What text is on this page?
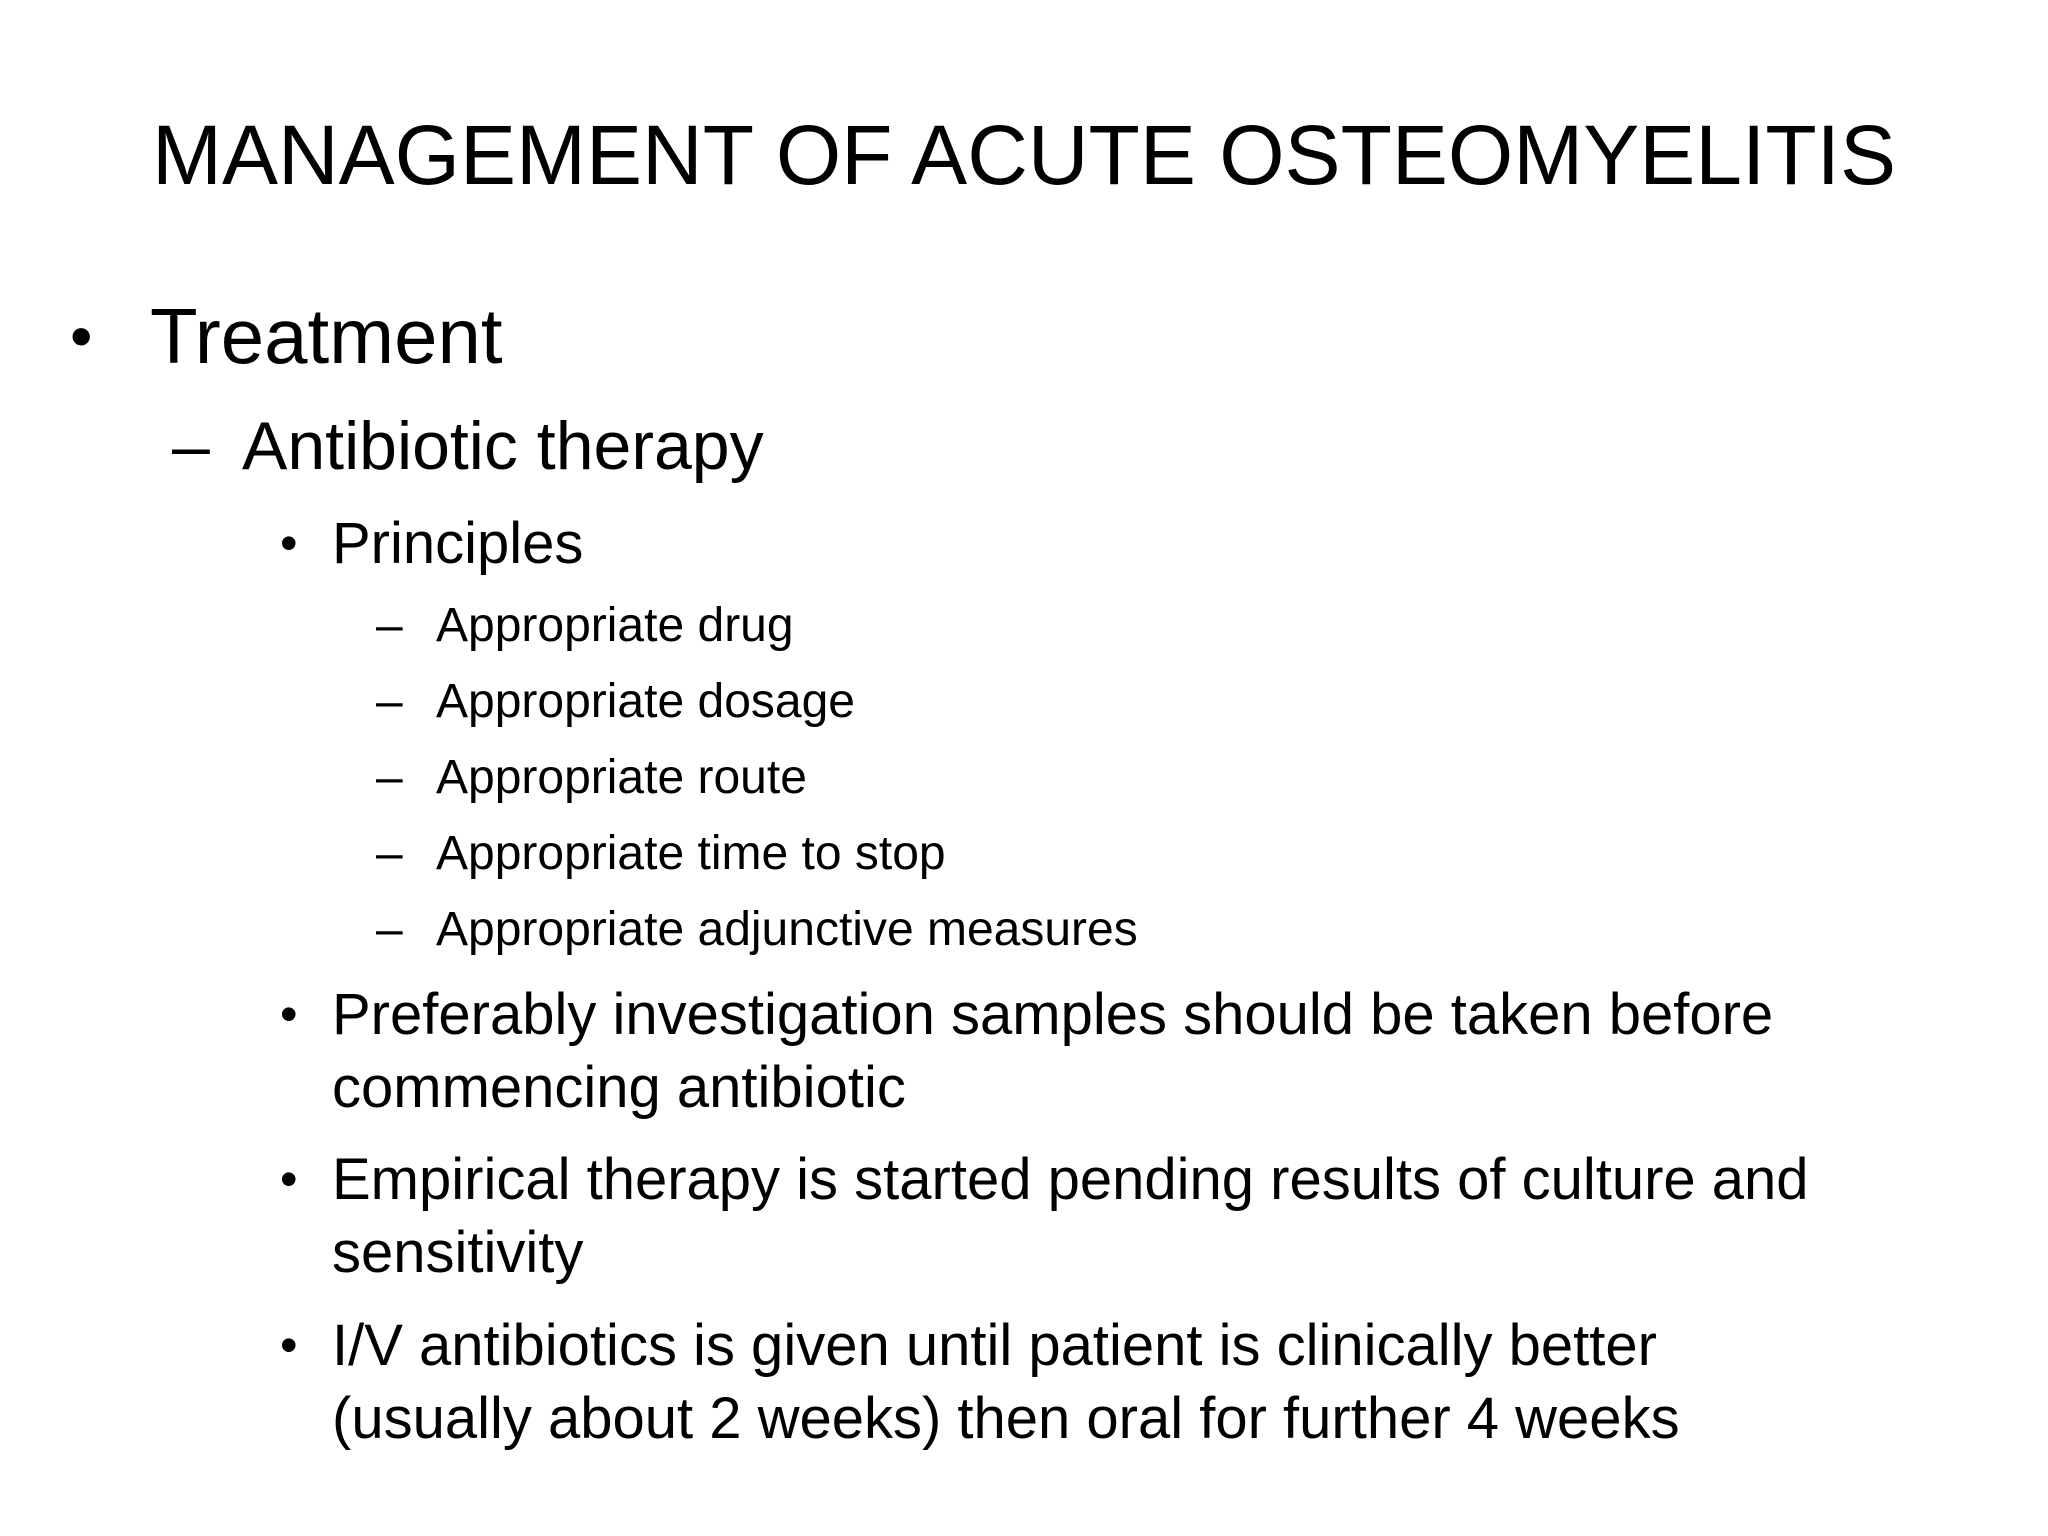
MANAGEMENT OF ACUTE OSTEOMYELITIS
• Treatment
– Antibiotic therapy
• Principles
– Appropriate drug
– Appropriate dosage
– Appropriate route
– Appropriate time to stop
– Appropriate adjunctive measures
• Preferably investigation samples should be taken before
commencing antibiotic
• Empirical therapy is started pending results of culture and
sensitivity
• I/V antibiotics is given until patient is clinically better
(usually about 2 weeks) then oral for further 4 weeks
